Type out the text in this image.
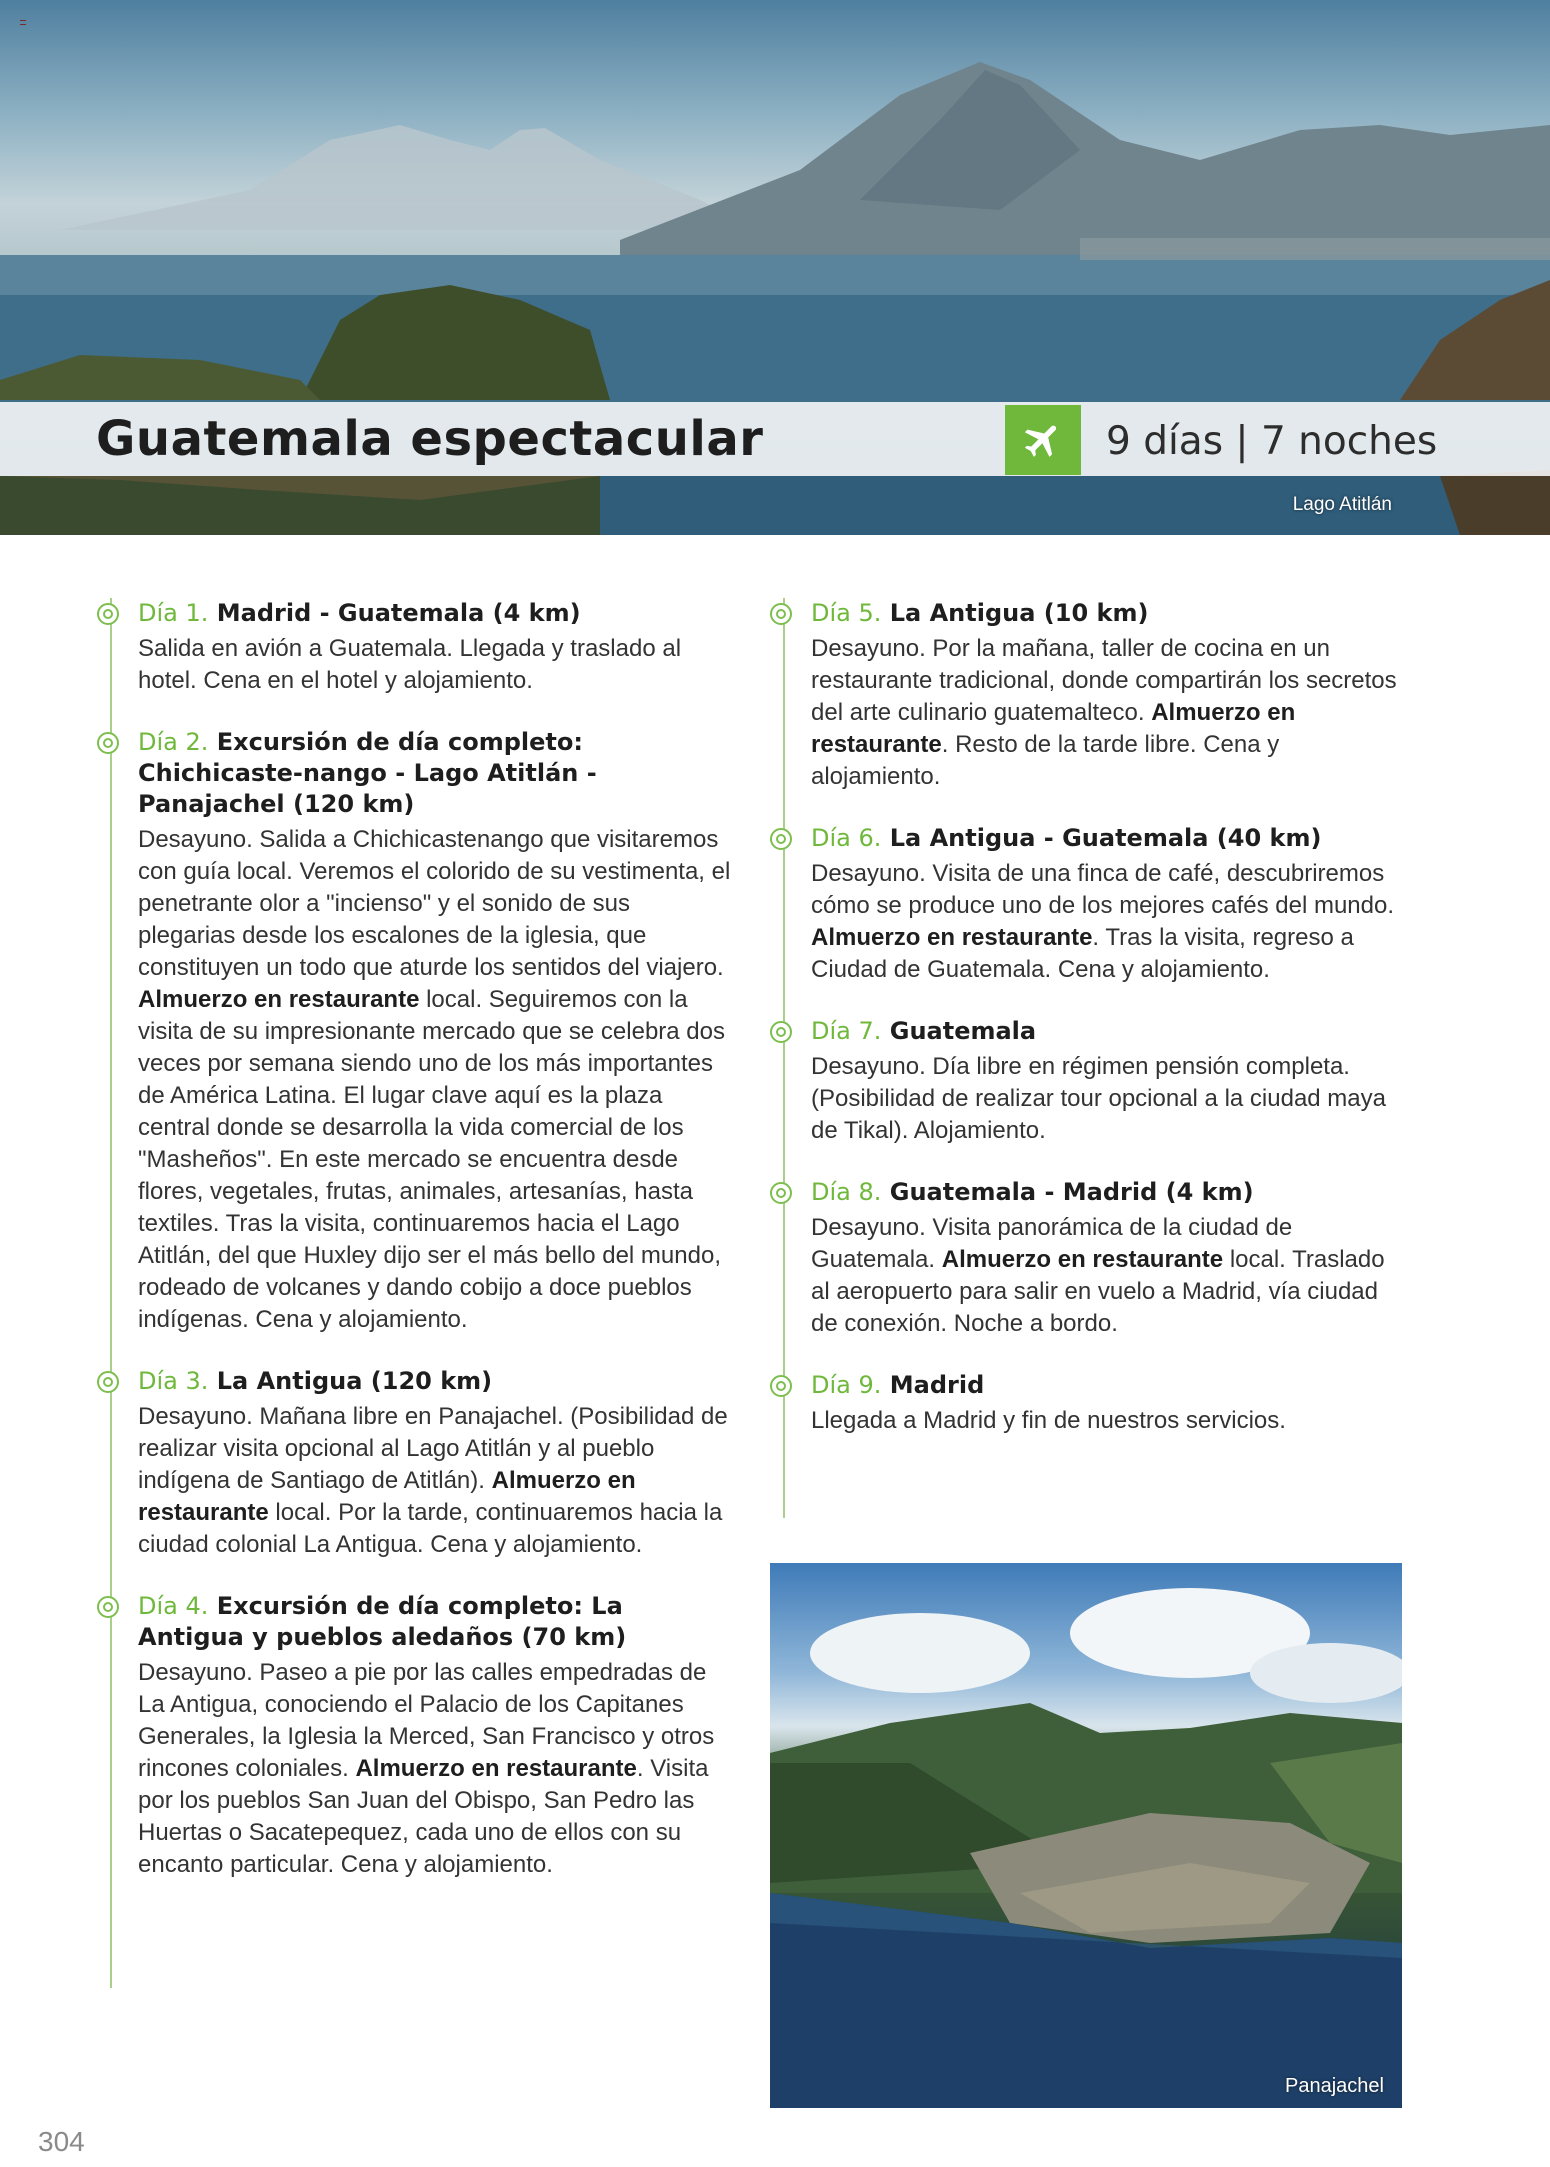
Guatemala espectacular	9 días | 7 noches
Lago Atitlán
Día 1. Madrid - Guatemala (4 km)
Salida en avión a Guatemala. Llegada y traslado al hotel. Cena en el hotel y alojamiento.
Día 2. Excursión de día completo: Chichicaste-nango - Lago Atitlán - Panajachel (120 km)
Desayuno. Salida a Chichicastenango que visitaremos con guía local. Veremos el colorido de su vestimenta, el penetrante olor a "incienso" y el sonido de sus plegarias desde los escalones de la iglesia, que constituyen un todo que aturde los sentidos del viajero. Almuerzo en restaurante local. Seguiremos con la visita de su impresionante mercado que se celebra dos veces por semana siendo uno de los más importantes de América Latina. El lugar clave aquí es la plaza central donde se desarrolla la vida comercial de los "Masheños". En este mercado se encuentra desde flores, vegetales, frutas, animales, artesanías, hasta textiles. Tras la visita, continuaremos hacia el Lago Atitlán, del que Huxley dijo ser el más bello del mundo, rodeado de volcanes y dando cobijo a doce pueblos indígenas. Cena y alojamiento.
Día 3. La Antigua (120 km)
Desayuno. Mañana libre en Panajachel. (Posibilidad de realizar visita opcional al Lago Atitlán y al pueblo indígena de Santiago de Atitlán). Almuerzo en restaurante local. Por la tarde, continuaremos hacia la ciudad colonial La Antigua. Cena y alojamiento.
Día 4. Excursión de día completo: La Antigua y pueblos aledaños (70 km)
Desayuno. Paseo a pie por las calles empedradas de La Antigua, conociendo el Palacio de los Capitanes Generales, la Iglesia la Merced, San Francisco y otros rincones coloniales. Almuerzo en restaurante. Visita por los pueblos San Juan del Obispo, San Pedro las Huertas o Sacatepequez, cada uno de ellos con su encanto particular. Cena y alojamiento.
Día 5. La Antigua (10 km)
Desayuno. Por la mañana, taller de cocina en un restaurante tradicional, donde compartirán los secretos del arte culinario guatemalteco. Almuerzo en restaurante. Resto de la tarde libre. Cena y alojamiento.
Día 6. La Antigua - Guatemala (40 km)
Desayuno. Visita de una finca de café, descubriremos cómo se produce uno de los mejores cafés del mundo. Almuerzo en restaurante. Tras la visita, regreso a Ciudad de Guatemala. Cena y alojamiento.
Día 7. Guatemala
Desayuno. Día libre en régimen pensión completa. (Posibilidad de realizar tour opcional a la ciudad maya de Tikal). Alojamiento.
Día 8. Guatemala - Madrid (4 km)
Desayuno. Visita panorámica de la ciudad de Guatemala. Almuerzo en restaurante local. Traslado al aeropuerto para salir en vuelo a Madrid, vía ciudad de conexión. Noche a bordo.
Día 9. Madrid
Llegada a Madrid y fin de nuestros servicios.
Panajachel
304
